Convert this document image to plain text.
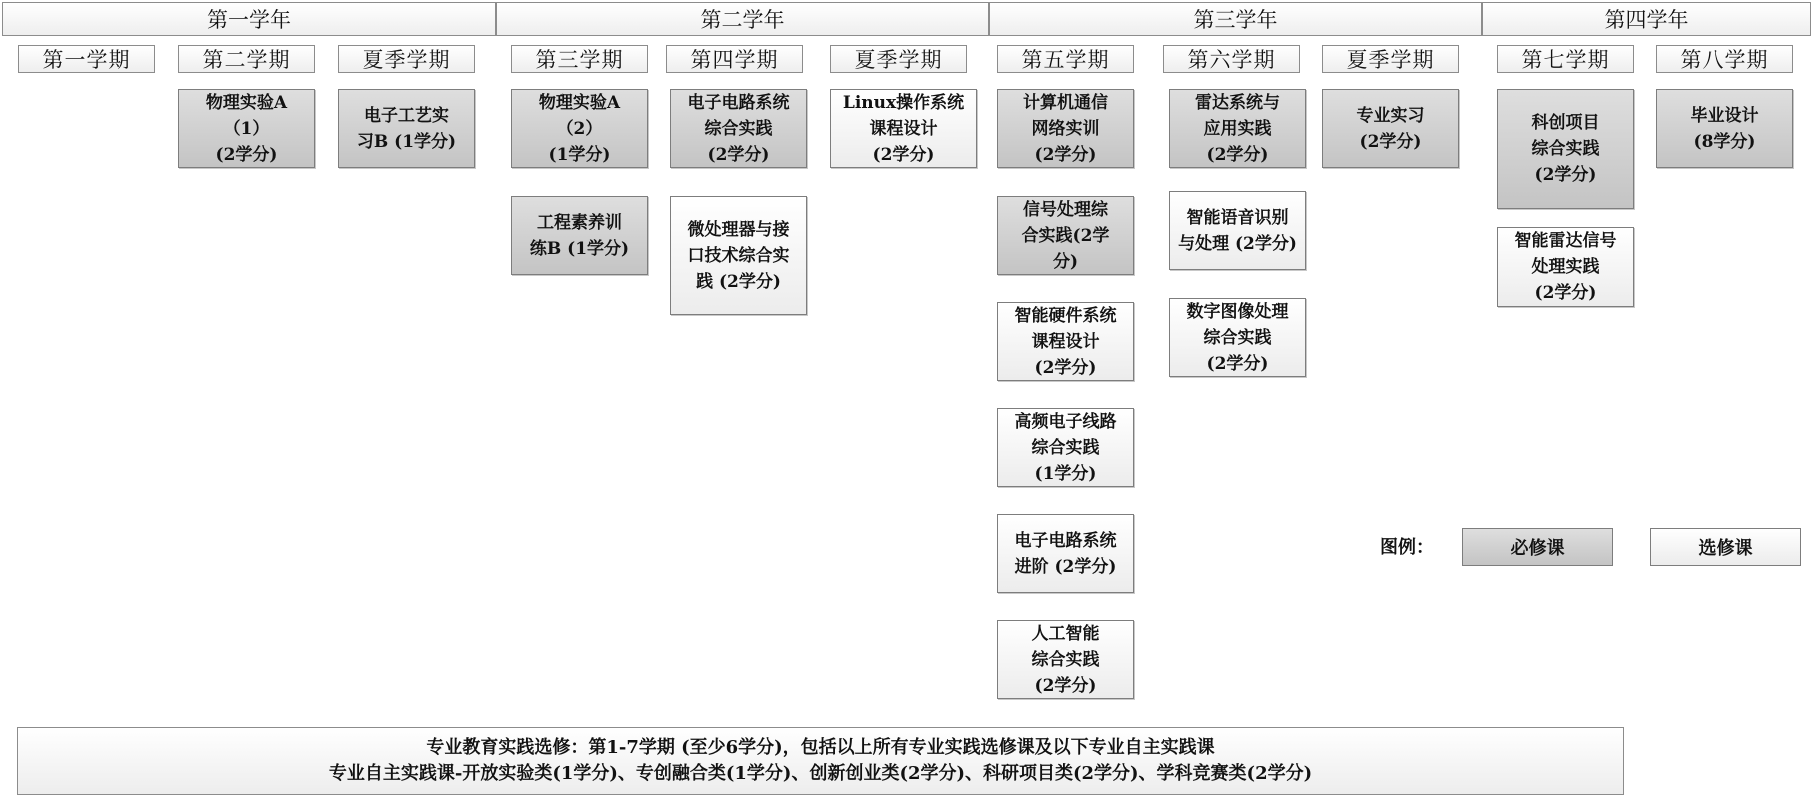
第一学年	第二学年	第三学年	第四学年
第一学期	第二学期	夏季学期	第三学期	第四学期	夏季学期	第五学期	第六学期	夏季学期	第七学期	第八学期
物理实验A
（1）
(2学分)
电子工艺实
习B (1学分)
物理实验A
（2）
(1学分)
工程素养训
练B (1学分)
电子电路系统
综合实践
(2学分)
微处理器与接
口技术综合实
践 (2学分)
Linux操作系统
课程设计
(2学分)
计算机通信
网络实训
(2学分)
信号处理综
合实践(2学
分)
智能硬件系统
课程设计
(2学分)
高频电子线路
综合实践
(1学分)
电子电路系统
进阶 (2学分)
人工智能
综合实践
(2学分)
雷达系统与
应用实践
(2学分)
智能语音识别
与处理 (2学分)
数字图像处理
综合实践
(2学分)
专业实习
(2学分)
科创项目
综合实践
(2学分)
智能雷达信号
处理实践
(2学分)
毕业设计
(8学分)
图例：	必修课	选修课
专业教育实践选修：第1-7学期 (至少6学分)，包括以上所有专业实践选修课及以下专业自主实践课
专业自主实践课-开放实验类(1学分)、专创融合类(1学分)、创新创业类(2学分)、科研项目类(2学分)、学科竞赛类(2学分)
